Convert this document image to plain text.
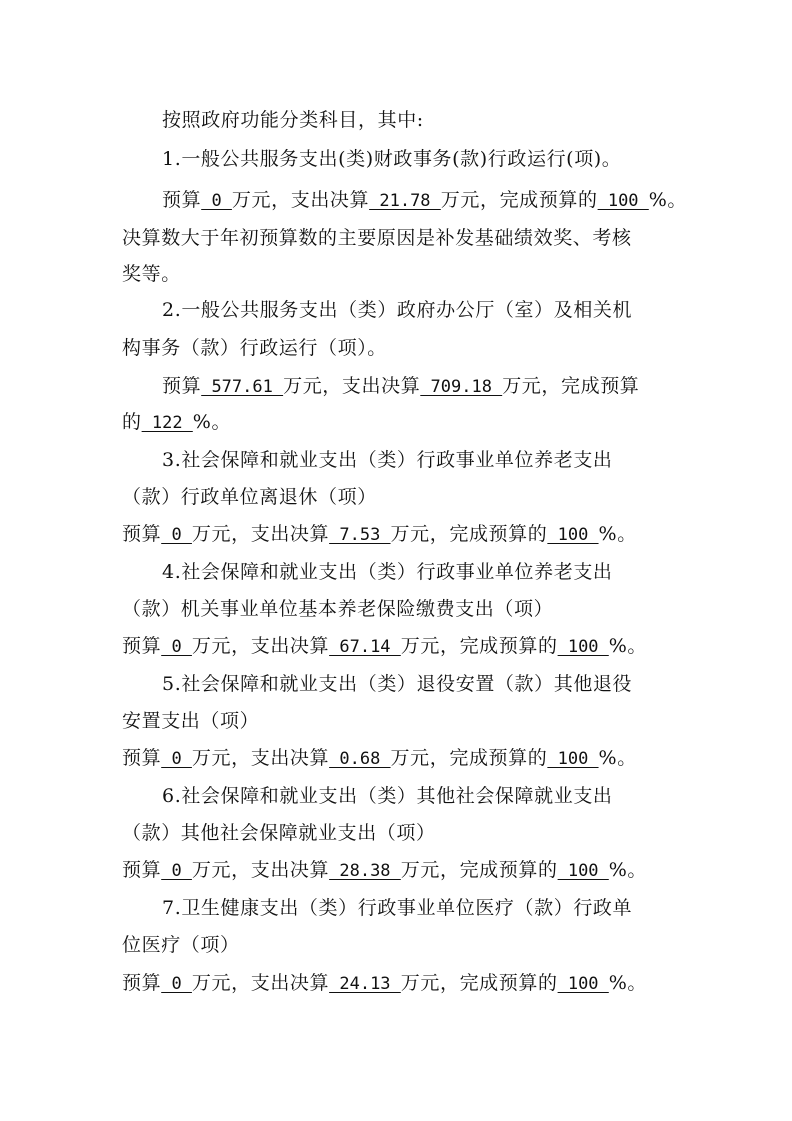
按照政府功能分类科目，其中:
1.一般公共服务支出(类)财政事务(款)行政运行(项)。
预算 0 万元，支出决算 21.78 万元，完成预算的 100 %。
决算数大于年初预算数的主要原因是补发基础绩效奖、考核
奖等。
2.一般公共服务支出（类）政府办公厅（室）及相关机
构事务（款）行政运行（项）。
预算 577.61 万元，支出决算 709.18 万元，完成预算
的 122 %。
3.社会保障和就业支出（类）行政事业单位养老支出
（款）行政单位离退休（项）
预算 0 万元，支出决算 7.53 万元，完成预算的 100 %。
4.社会保障和就业支出（类）行政事业单位养老支出
（款）机关事业单位基本养老保险缴费支出（项）
预算 0 万元，支出决算 67.14 万元，完成预算的 100 %。
5.社会保障和就业支出（类）退役安置（款）其他退役
安置支出（项）
预算 0 万元，支出决算 0.68 万元，完成预算的 100 %。
6.社会保障和就业支出（类）其他社会保障就业支出
（款）其他社会保障就业支出（项）
预算 0 万元，支出决算 28.38 万元，完成预算的 100 %。
7.卫生健康支出（类）行政事业单位医疗（款）行政单
位医疗（项）
预算 0 万元，支出决算 24.13 万元，完成预算的 100 %。
